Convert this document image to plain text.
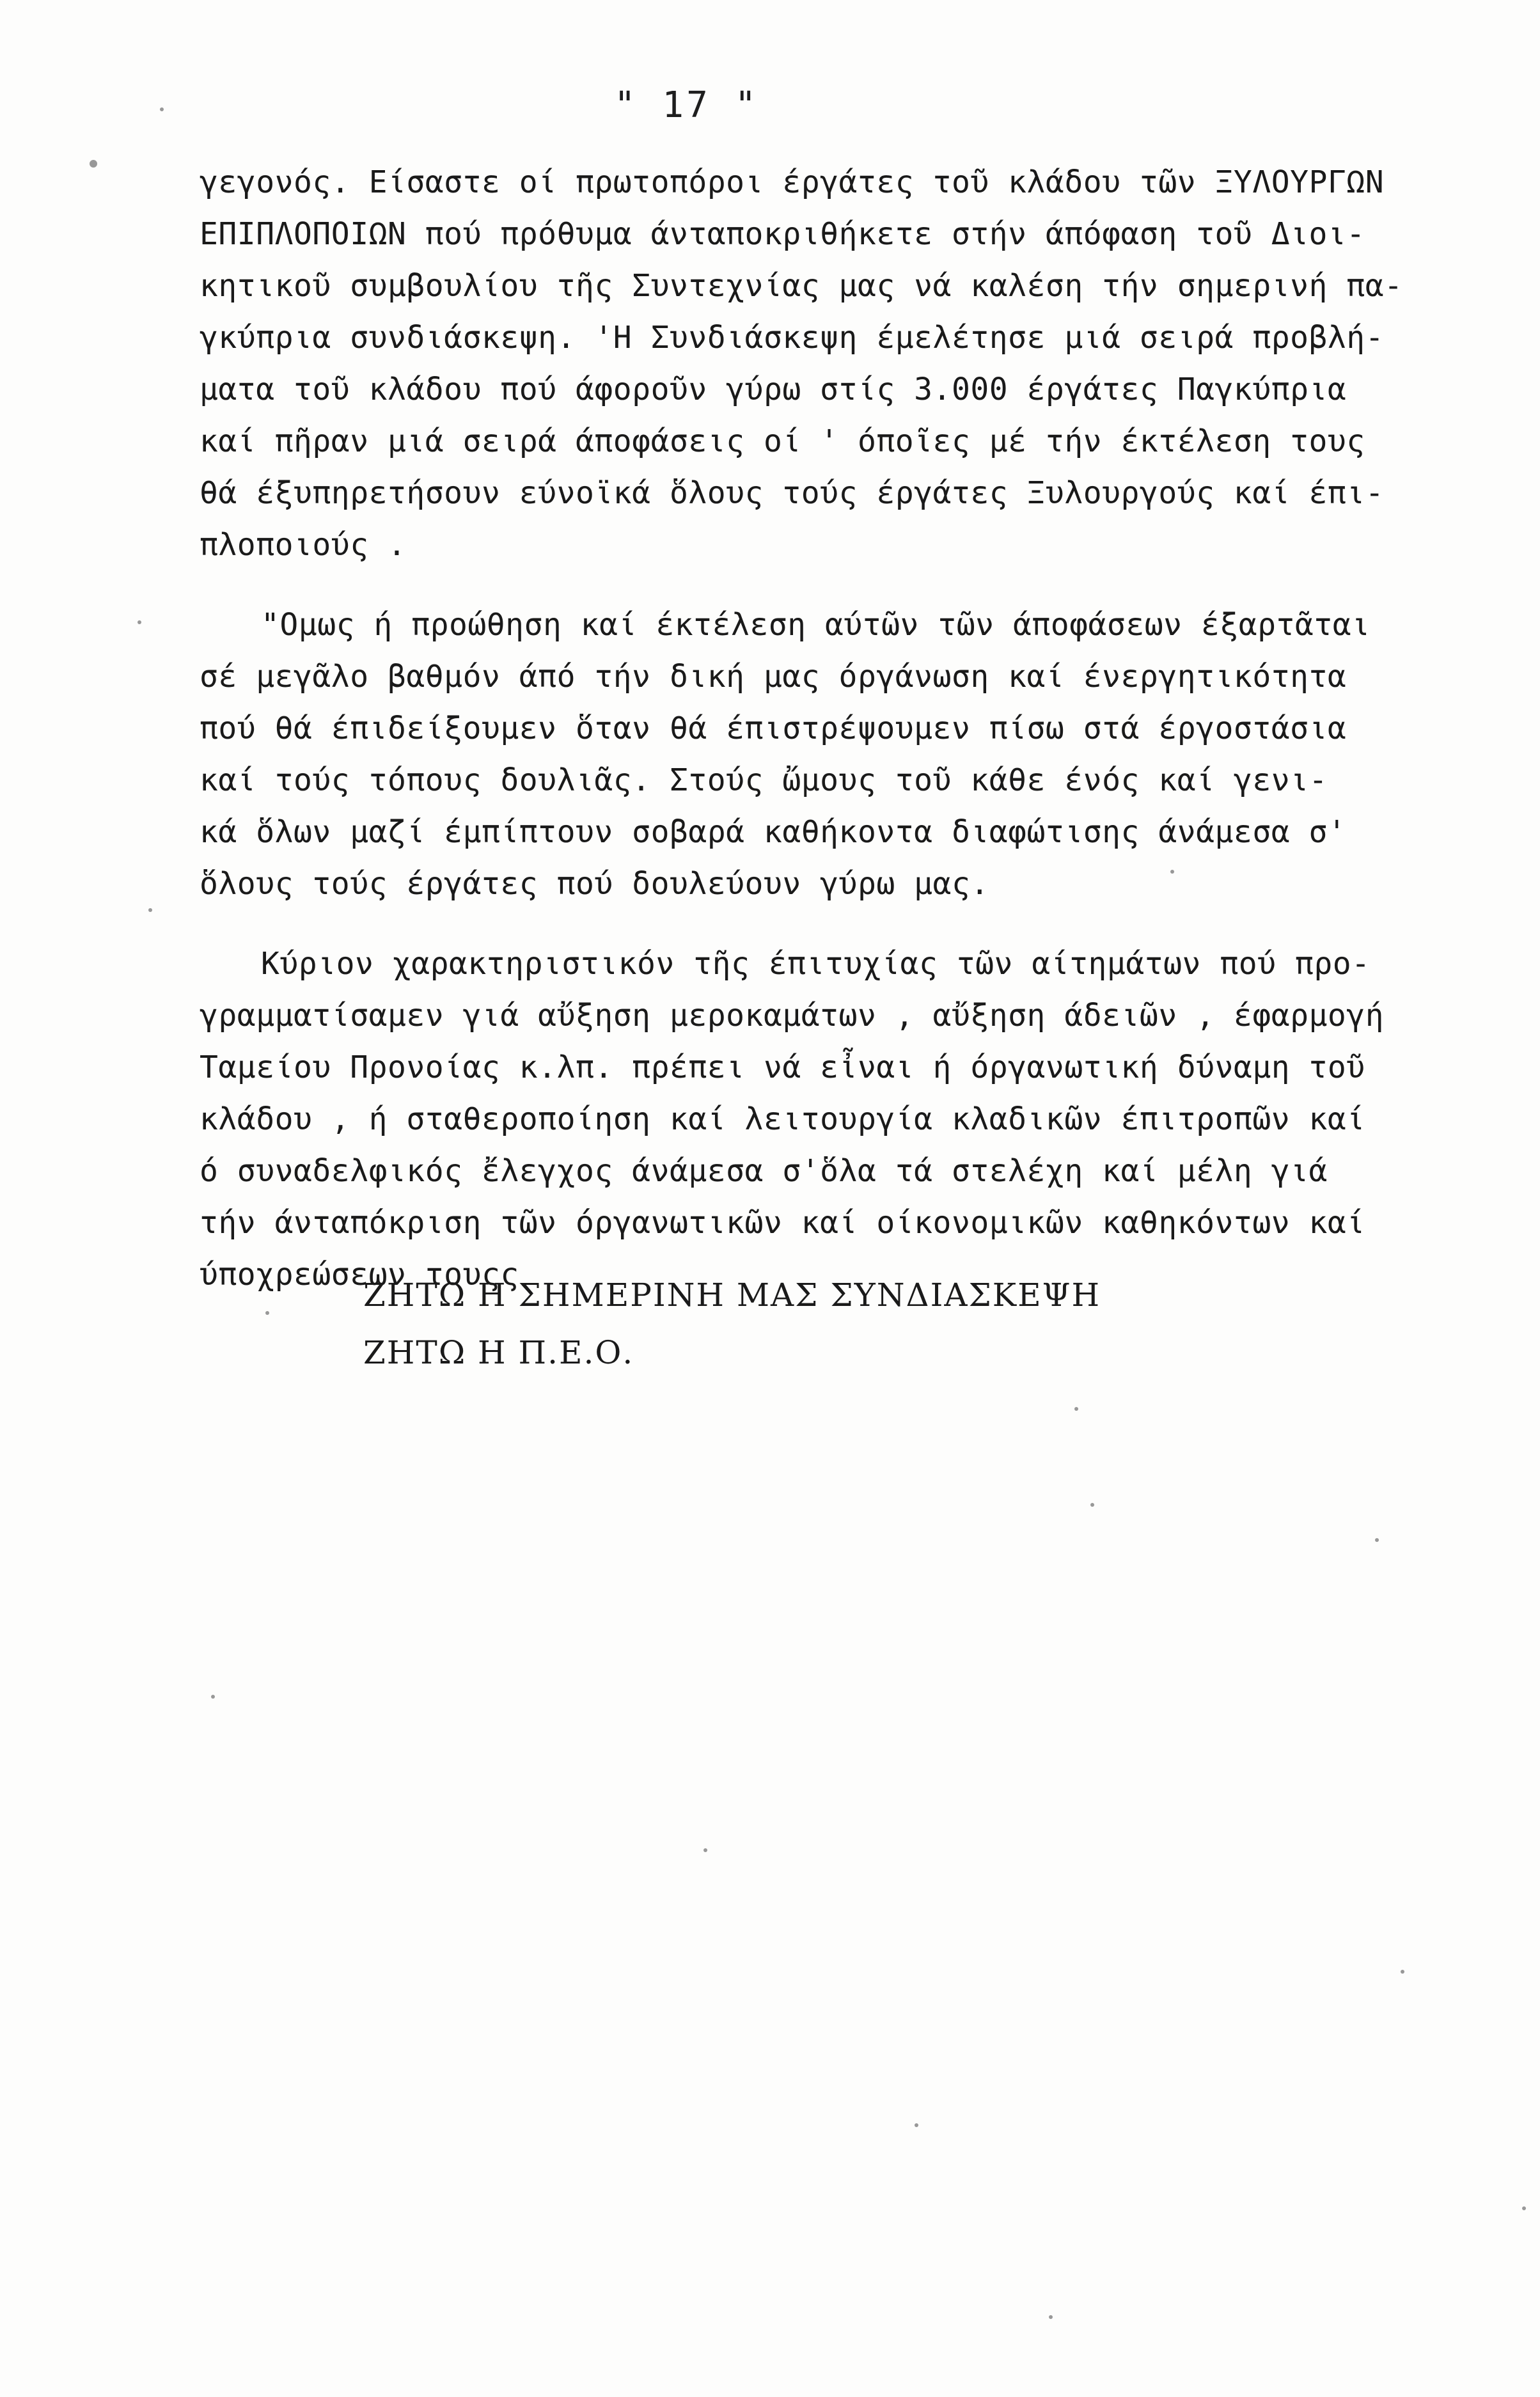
" 17 "
γεγονός. Είσαστε οί πρωτοπόροι έργάτες τοῦ κλάδου τῶν ΞΥΛΟΥΡΓΩΝ
ΕΠΙΠΛΟΠΟΙΩΝ πού πρόθυμα άνταποκριθήκετε στήν άπόφαση τοῦ Διοι-
κητικοῦ συμβουλίου τῆς Συντεχνίας μας νά καλέση τήν σημερινή πα-
γκύπρια συνδιάσκεψη. 'Η Συνδιάσκεψη έμελέτησε μιά σειρά προβλή-
ματα τοῦ κλάδου πού άφοροῦν γύρω στίς 3.000 έργάτες Παγκύπρια
καί πῆραν μιά σειρά άποφάσεις οί ' όποῖες μέ τήν έκτέλεση τους
θά έξυπηρετήσουν εύνοϊκά ὅλους τούς έργάτες Ξυλουργούς καί έπι-
πλοποιούς .
"Ομως ή προώθηση καί έκτέλεση αύτῶν τῶν άποφάσεων έξαρτᾶται
σέ μεγᾶλο βαθμόν άπό τήν δική μας όργάνωση καί ένεργητικότητα
πού θά έπιδείξουμεν ὅταν θά έπιστρέψουμεν πίσω στά έργοστάσια
καί τούς τόπους δουλιᾶς. Στούς ὤμους τοῦ κάθε ένός καί γενι-
κά ὅλων μαζί έμπίπτουν σοβαρά καθήκοντα διαφώτισης άνάμεσα σ'
ὅλους τούς έργάτες πού δουλεύουν γύρω μας.
Κύριον χαρακτηριστικόν τῆς έπιτυχίας τῶν αίτημάτων πού προ-
γραμματίσαμεν γιά αὔξηση μεροκαμάτων , αὔξηση άδειῶν , έφαρμογή
Ταμείου Προνοίας κ.λπ. πρέπει νά εἶναι ή όργανωτική δύναμη τοῦ
κλάδου , ή σταθεροποίηση καί λειτουργία κλαδικῶν έπιτροπῶν καί
ό συναδελφικός ἔλεγχος άνάμεσα σ'ὅλα τά στελέχη καί μέλη γιά
τήν άνταπόκριση τῶν όργανωτικῶν καί οίκονομικῶν καθηκόντων καί
ύποχρεώσεων τουςς
ΖΗΤΩ Η ΣΗΜΕΡΙΝΗ ΜΑΣ ΣΥΝΔΙΑΣΚΕΨΗ
ΖΗΤΩ Η Π.Ε.Ο.
